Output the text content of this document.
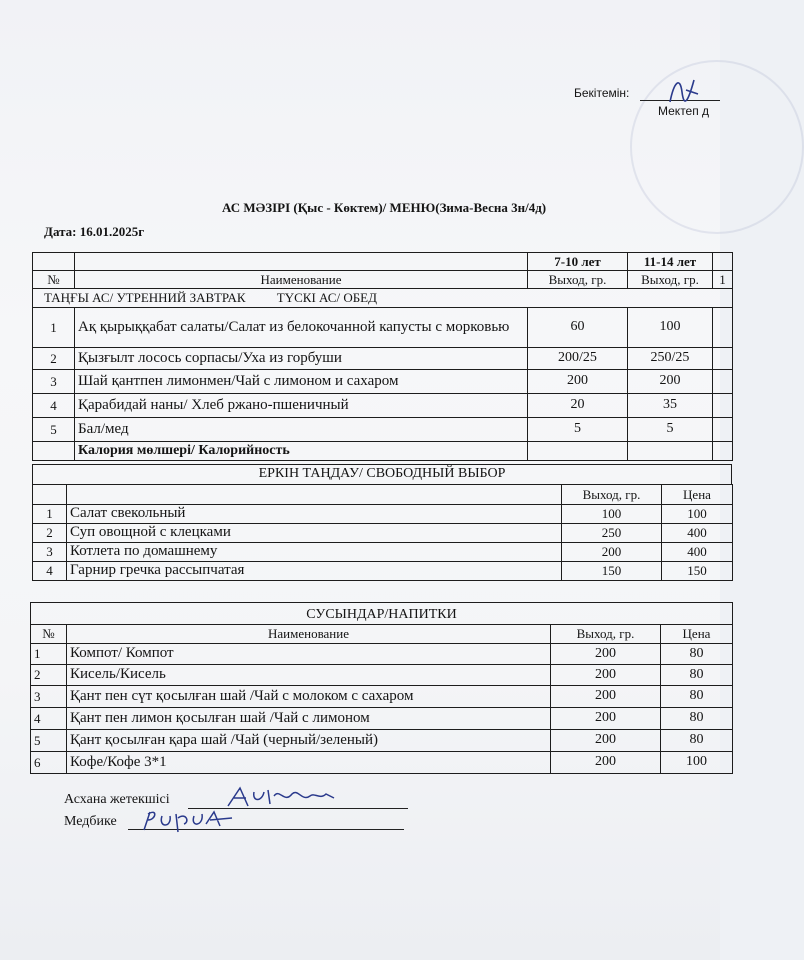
Бекітемін:
Мектеп д
АС МӘЗІРІ (Қыс - Көктем)/ МЕНЮ(Зима-Весна 3н/4д)
Дата: 16.01.2025г
		7-10 лет	11-14 лет	
№	Наименование	Выход, гр.	Выход, гр.	1
ТАҢҒЫ АС/ УТРЕННИЙ ЗАВТРАК ТҮСКІ АС/ ОБЕД				
1	Ақ қырыққабат салаты/Салат из белокочанной капусты с морковью	60	100	
2	Қызғылт лосось сорпасы/Уха из горбуши	200/25	250/25	
3	Шай қантпен лимонмен/Чай с лимоном и сахаром	200	200	
4	Қарабидай наны/ Хлеб ржано-пшеничный	20	35	
5	Бал/мед	5	5	
	Калория мөлшері/ Калорийность			
ЕРКІН ТАҢДАУ/ СВОБОДНЫЙ ВЫБОР
		Выход, гр.	Цена
1	Салат свекольный	100	100
2	Суп овощной с клецками	250	400
3	Котлета по домашнему	200	400
4	Гарнир гречка рассыпчатая	150	150
СУСЫНДАР/НАПИТКИ			
№	Наименование	Выход, гр.	Цена
1	Компот/ Компот	200	80
2	Кисель/Кисель	200	80
3	Қант пен сүт қосылған шай /Чай с молоком с сахаром	200	80
4	Қант пен лимон қосылған шай /Чай с лимоном	200	80
5	Қант қосылған қара шай /Чай (черный/зеленый)	200	80
6	Кофе/Кофе 3*1	200	100
Асхана жетекшісі
Медбике
